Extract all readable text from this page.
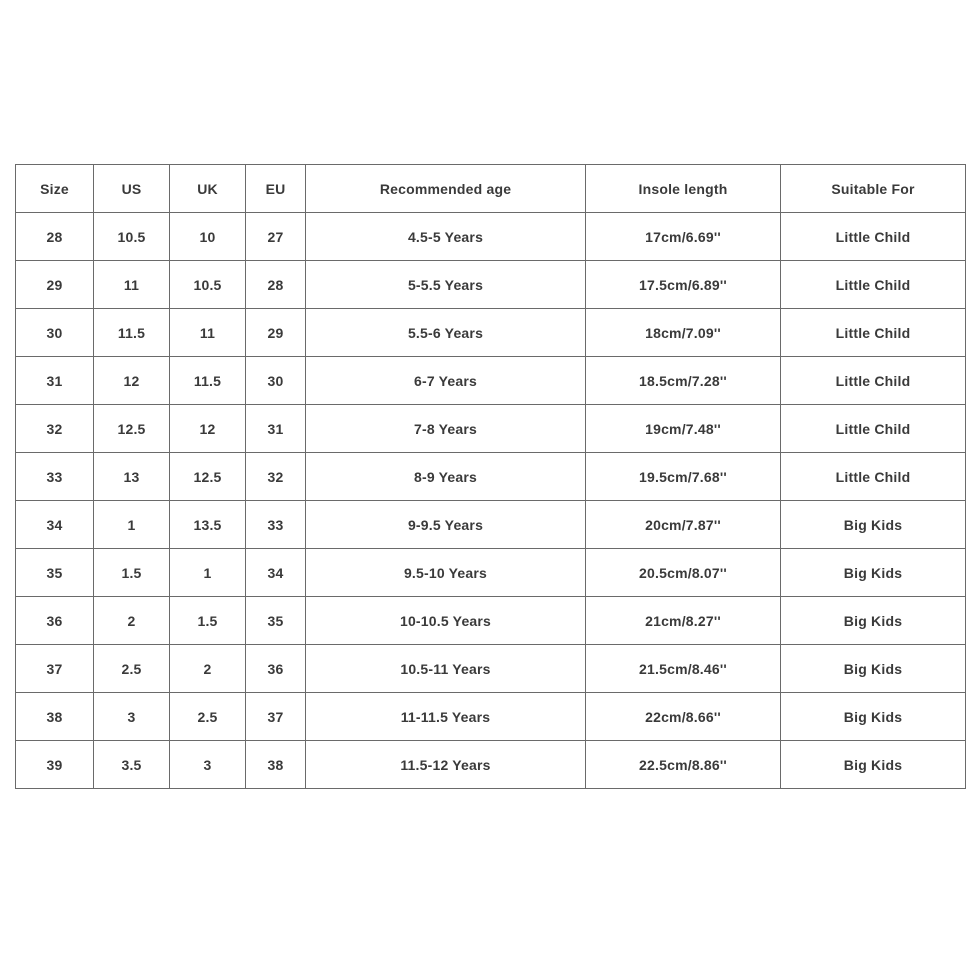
Size	US	UK	EU	Recommended age	Insole length	Suitable For
28	10.5	10	27	4.5-5 Years	17cm/6.69''	Little Child
29	11	10.5	28	5-5.5 Years	17.5cm/6.89''	Little Child
30	11.5	11	29	5.5-6 Years	18cm/7.09''	Little Child
31	12	11.5	30	6-7 Years	18.5cm/7.28''	Little Child
32	12.5	12	31	7-8 Years	19cm/7.48''	Little Child
33	13	12.5	32	8-9 Years	19.5cm/7.68''	Little Child
34	1	13.5	33	9-9.5 Years	20cm/7.87''	Big Kids
35	1.5	1	34	9.5-10 Years	20.5cm/8.07''	Big Kids
36	2	1.5	35	10-10.5 Years	21cm/8.27''	Big Kids
37	2.5	2	36	10.5-11 Years	21.5cm/8.46''	Big Kids
38	3	2.5	37	11-11.5 Years	22cm/8.66''	Big Kids
39	3.5	3	38	11.5-12 Years	22.5cm/8.86''	Big Kids
